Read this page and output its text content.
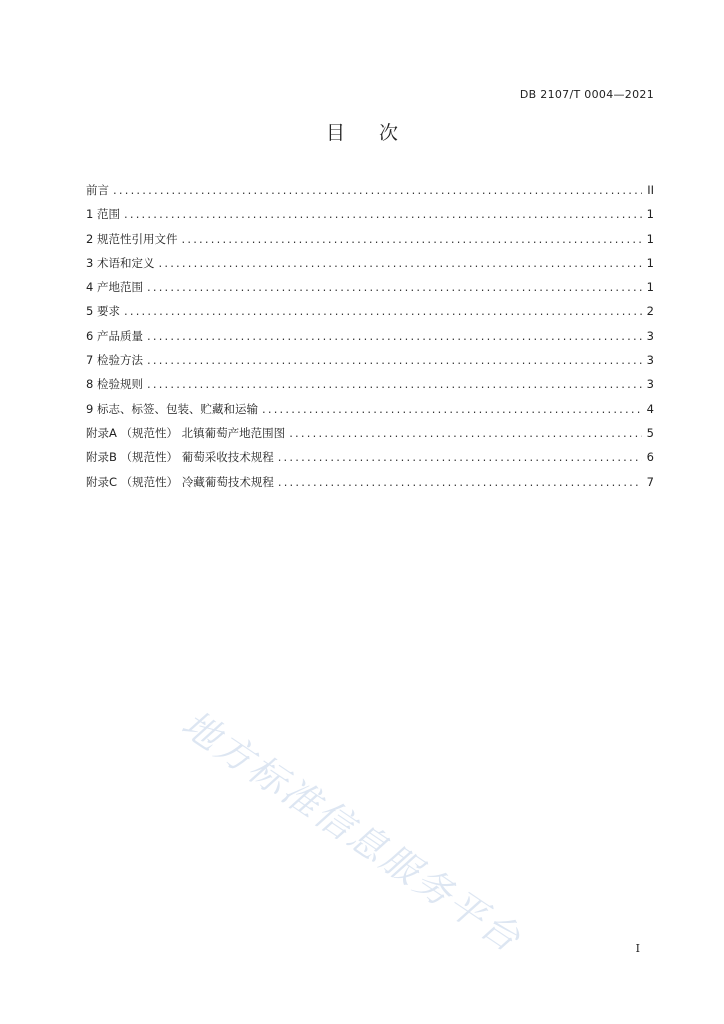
DB 2107/T 0004—2021
目 次
前言 .....	II
1 范围 .....	1
2 规范性引用文件 .....	1
3 术语和定义 .....	1
4 产地范围 .....	1
5 要求 .....	2
6 产品质量 .....	3
7 检验方法 .....	3
8 检验规则 .....	3
9 标志、标签、包装、贮藏和运输 .....	4
附录A （规范性） 北镇葡萄产地范围图 .....	5
附录B （规范性） 葡萄采收技术规程 .....	6
附录C （规范性） 冷藏葡萄技术规程 .....	7
地方标准信息服务平台	I
